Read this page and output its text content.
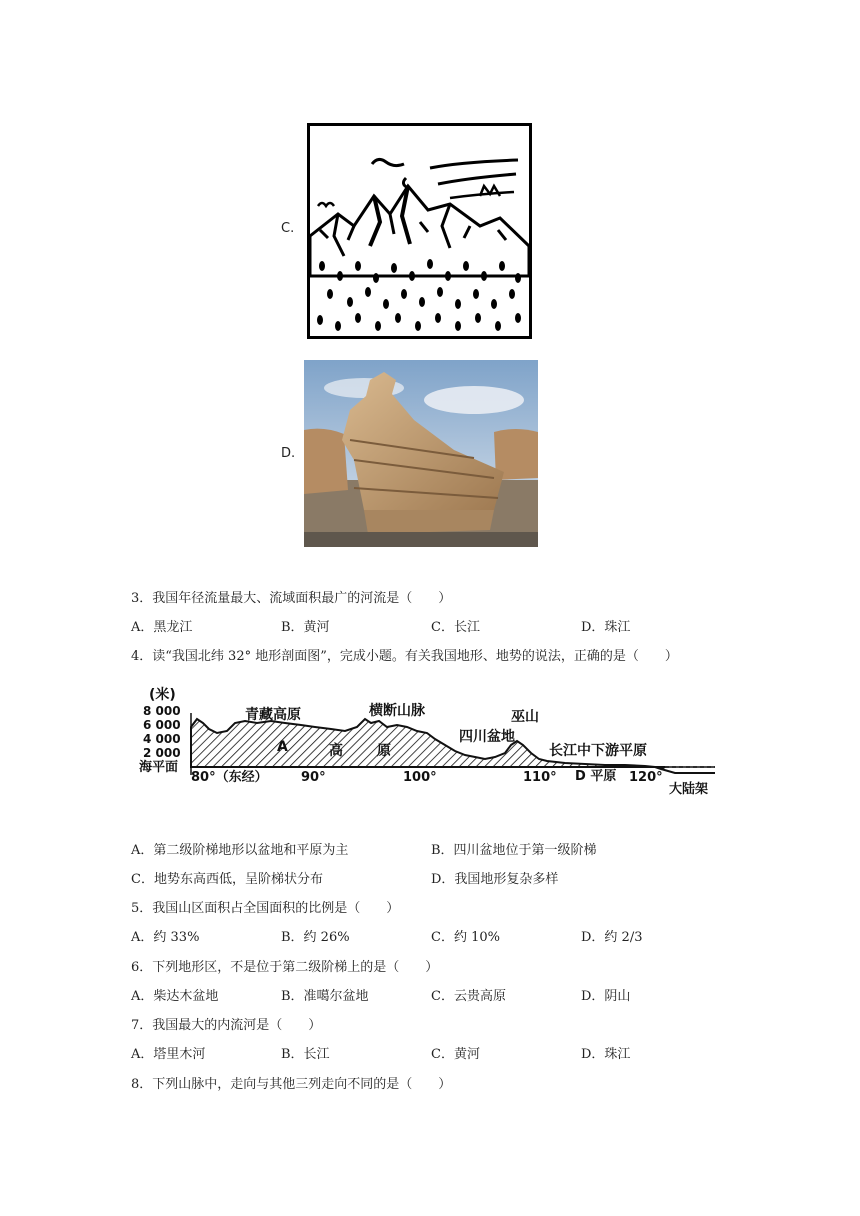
C.
D.
3．我国年径流量最大、流域面积最广的河流是（　　）
A．黑龙江	B．黄河	C．长江	D．珠江
4．读“我国北纬 32° 地形剖面图”，完成小题。有关我国地形、地势的说法，正确的是（　　）
(米)
8 000
6 000
4 000
2 000
海平面
80°（东经）	90°	100°	110°	120°
青藏高原	横断山脉	巫山
四川盆地
长江中下游平原
A	高 原
D 平原
大陆架
A．第二级阶梯地形以盆地和平原为主	B．四川盆地位于第一级阶梯
C．地势东高西低，呈阶梯状分布	D．我国地形复杂多样
5．我国山区面积占全国面积的比例是（　　）
A．约 33%	B．约 26%	C．约 10%	D．约 2/3
6．下列地形区，不是位于第二级阶梯上的是（　　）
A．柴达木盆地	B．准噶尔盆地	C．云贵高原	D．阴山
7．我国最大的内流河是（　　）
A．塔里木河	B．长江	C．黄河	D．珠江
8．下列山脉中，走向与其他三列走向不同的是（　　）
